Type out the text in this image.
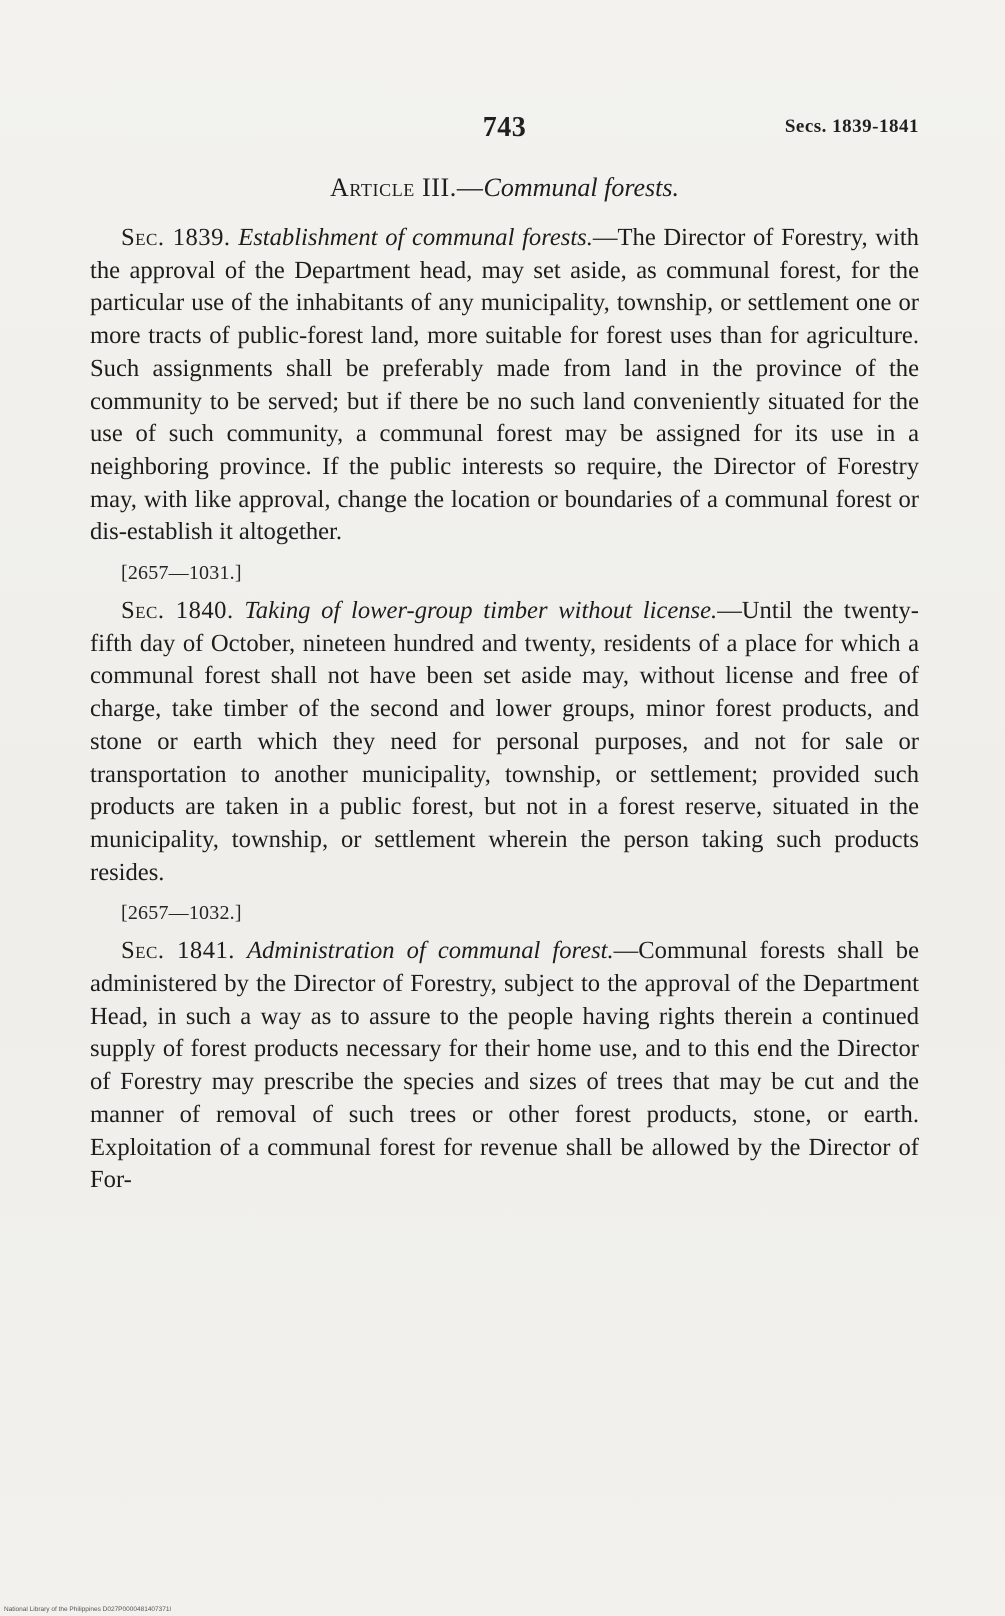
743	Secs. 1839-1841
Article III.—Communal forests.

Sec. 1839. Establishment of communal forests.—The Director of Forestry, with the approval of the Department head, may set aside, as communal forest, for the particular use of the inhabitants of any municipality, township, or settlement one or more tracts of public-forest land, more suitable for forest uses than for agriculture. Such assignments shall be preferably made from land in the province of the community to be served; but if there be no such land conveniently situated for the use of such community, a communal forest may be assigned for its use in a neighboring province. If the public interests so require, the Director of Forestry may, with like approval, change the location or boundaries of a communal forest or dis-establish it altogether.

[2657—1031.]

Sec. 1840. Taking of lower-group timber without license.—Until the twenty-fifth day of October, nineteen hundred and twenty, residents of a place for which a communal forest shall not have been set aside may, without license and free of charge, take timber of the second and lower groups, minor forest products, and stone or earth which they need for personal purposes, and not for sale or transportation to another municipality, township, or settlement; provided such products are taken in a public forest, but not in a forest reserve, situated in the municipality, township, or settlement wherein the person taking such products resides.

[2657—1032.]

Sec. 1841. Administration of communal forest.—Communal forests shall be administered by the Director of Forestry, subject to the approval of the Department Head, in such a way as to assure to the people having rights therein a continued supply of forest products necessary for their home use, and to this end the Director of Forestry may prescribe the species and sizes of trees that may be cut and the manner of removal of such trees or other forest products, stone, or earth. Exploitation of a communal forest for revenue shall be allowed by the Director of For-

National Library of the Philippines D027P0000481407371l
